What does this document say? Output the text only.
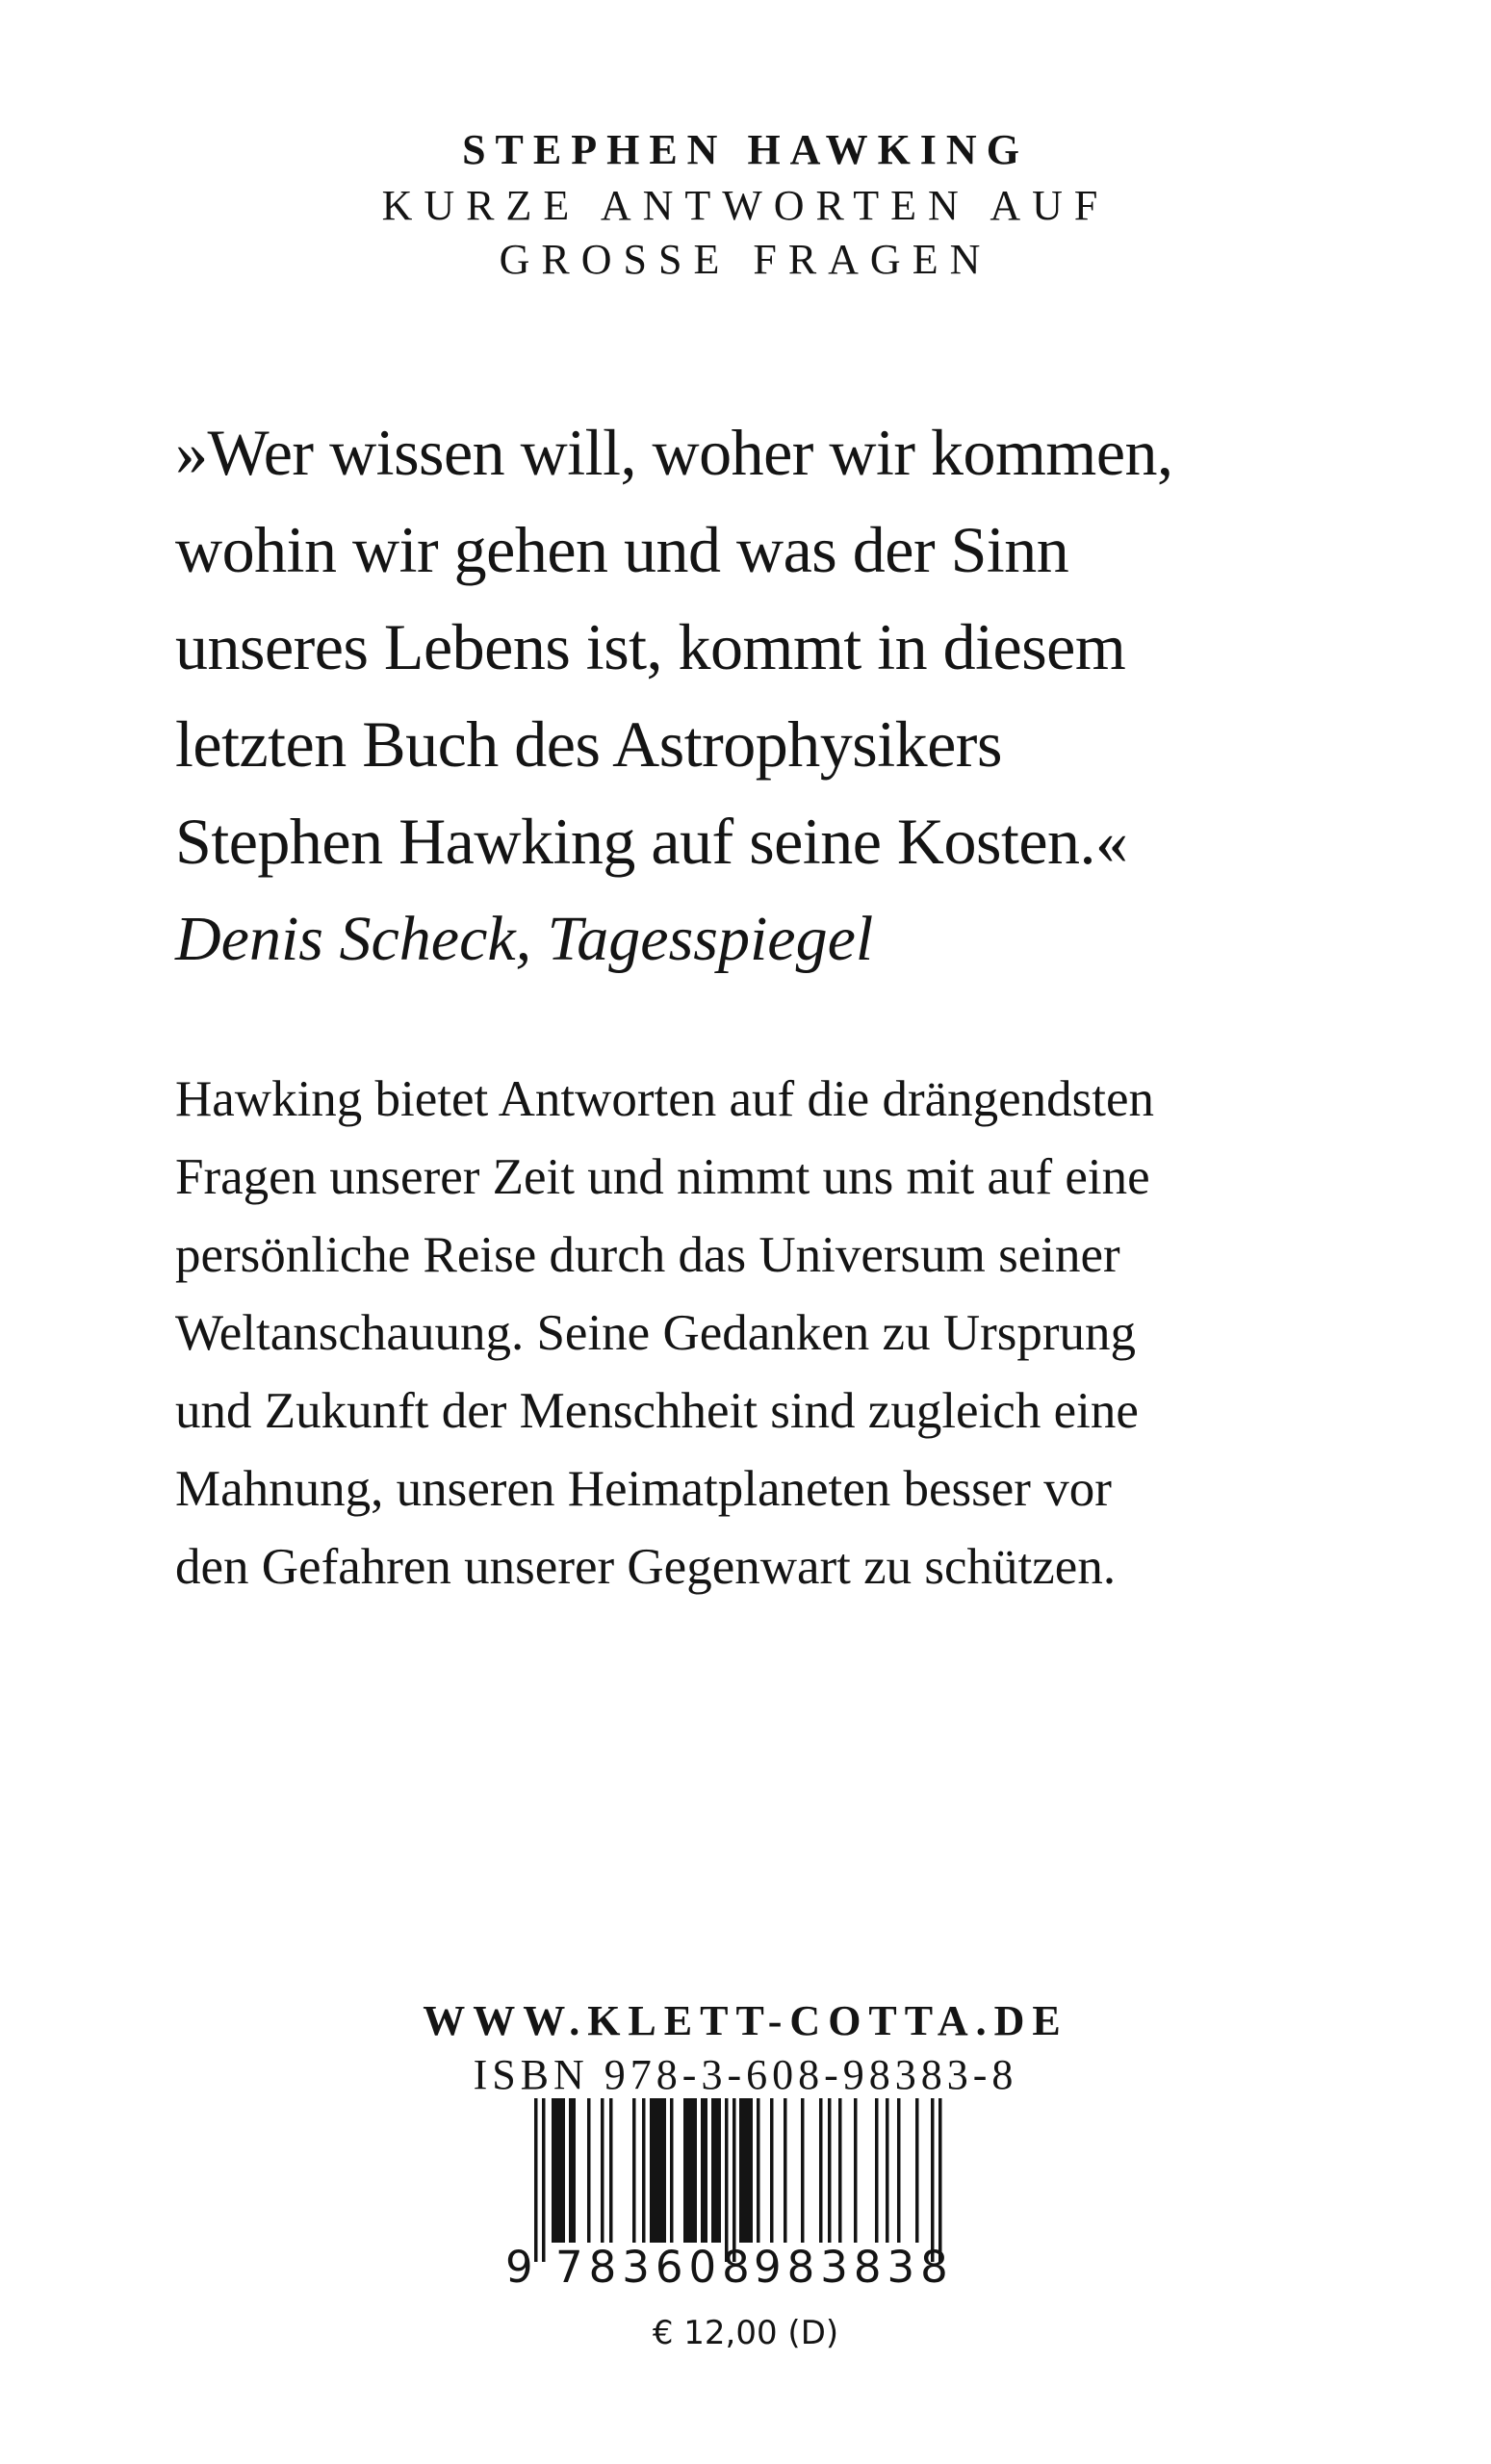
STEPHEN HAWKING
KURZE ANTWORTEN AUF
GROSSE FRAGEN
»Wer wissen will, woher wir kommen,
wohin wir gehen und was der Sinn
unseres Lebens ist, kommt in diesem
letzten Buch des Astrophysikers
Stephen Hawking auf seine Kosten.«
Denis Scheck, Tagesspiegel
Hawking bietet Antworten auf die drängendsten
Fragen unserer Zeit und nimmt uns mit auf eine
persönliche Reise durch das Universum seiner
Weltanschauung. Seine Gedanken zu Ursprung
und Zukunft der Menschheit sind zugleich eine
Mahnung, unseren Heimatplaneten besser vor
den Gefahren unserer Gegenwart zu schützen.
WWW.KLETT-COTTA.DE
ISBN 978-3-608-98383-8
9 783608
983838
€ 12,00 (D)
